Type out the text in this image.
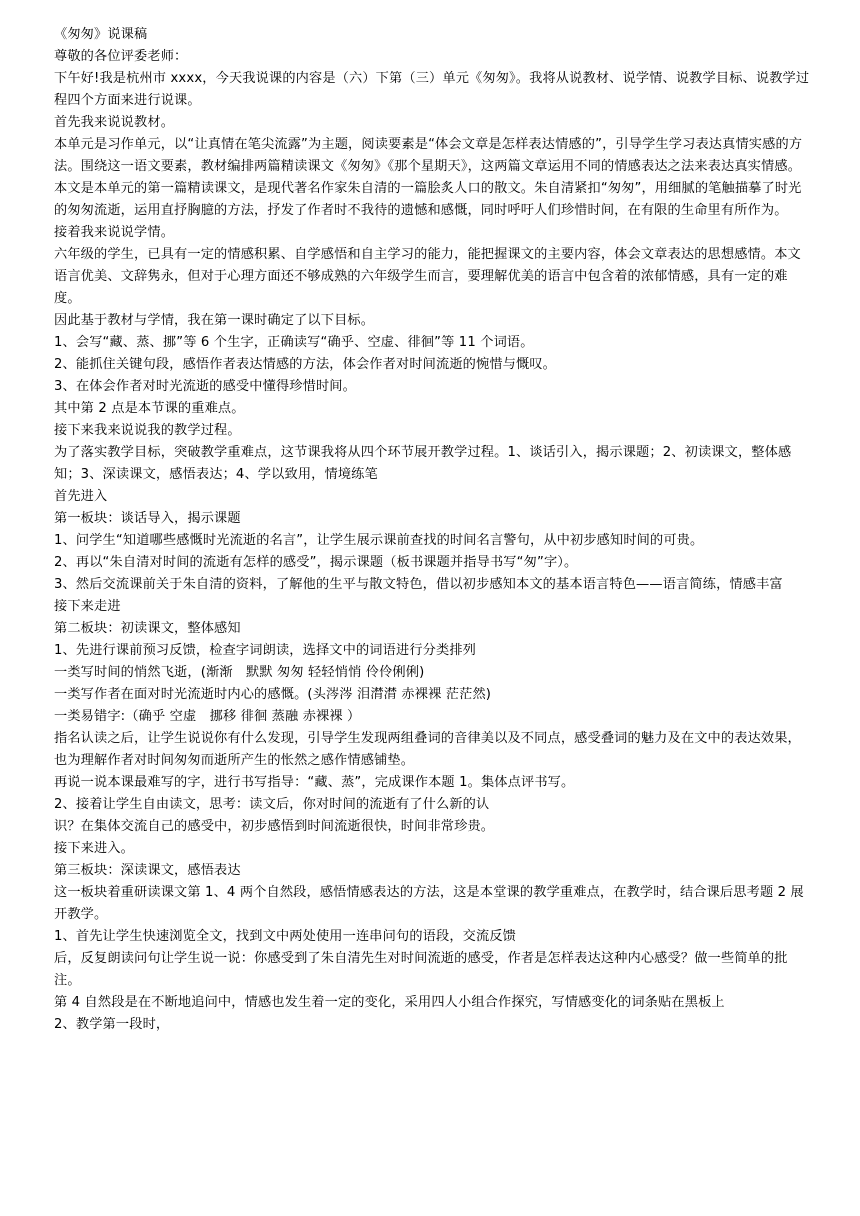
《匆匆》说课稿

尊敬的各位评委老师：

下午好!我是杭州市 xxxx，今天我说课的内容是（六）下第（三）单元《匆匆》。我将从说教材、说学情、说教学目标、说教学过程四个方面来进行说课。

首先我来说说教材。

本单元是习作单元，以“让真情在笔尖流露”为主题，阅读要素是“体会文章是怎样表达情感的”，引导学生学习表达真情实感的方法。围绕这一语文要素，教材编排两篇精读课文《匆匆》《那个星期天》，这两篇文章运用不同的情感表达之法来表达真实情感。

本文是本单元的第一篇精读课文，是现代著名作家朱自清的一篇脍炙人口的散文。朱自清紧扣“匆匆”，用细腻的笔触描摹了时光的匆匆流逝，运用直抒胸臆的方法，抒发了作者时不我待的遗憾和感慨，同时呼吁人们珍惜时间，在有限的生命里有所作为。

接着我来说说学情。

六年级的学生，已具有一定的情感积累、自学感悟和自主学习的能力，能把握课文的主要内容，体会文章表达的思想感情。本文语言优美、文辞隽永，但对于心理方面还不够成熟的六年级学生而言，要理解优美的语言中包含着的浓郁情感，具有一定的难度。

因此基于教材与学情，我在第一课时确定了以下目标。

1、会写“藏、蒸、挪”等 6 个生字，正确读写“确乎、空虚、徘徊”等 11 个词语。

2、能抓住关键句段，感悟作者表达情感的方法，体会作者对时间流逝的惋惜与慨叹。

3、在体会作者对时光流逝的感受中懂得珍惜时间。

其中第 2 点是本节课的重难点。

接下来我来说说我的教学过程。

为了落实教学目标，突破教学重难点，这节课我将从四个环节展开教学过程。1、谈话引入，揭示课题；2、初读课文，整体感知；3、深读课文，感悟表达；4、学以致用，情境练笔

首先进入

第一板块：谈话导入，揭示课题

1、问学生“知道哪些感慨时光流逝的名言”，让学生展示课前查找的时间名言警句，从中初步感知时间的可贵。

2、再以“朱自清对时间的流逝有怎样的感受”，揭示课题（板书课题并指导书写“匆”字）。

3、然后交流课前关于朱自清的资料，了解他的生平与散文特色，借以初步感知本文的基本语言特色——语言简练，情感丰富

接下来走进

第二板块：初读课文，整体感知

1、先进行课前预习反馈，检查字词朗读，选择文中的词语进行分类排列

一类写时间的悄然飞逝，(渐渐　默默 匆匆 轻轻悄悄 伶伶俐俐)

一类写作者在面对时光流逝时内心的感慨。(头涔涔 泪潸潸 赤裸裸 茫茫然)

一类易错字:（确乎 空虚　挪移 徘徊 蒸融 赤裸裸 ）

指名认读之后，让学生说说你有什么发现，引导学生发现两组叠词的音律美以及不同点，感受叠词的魅力及在文中的表达效果，也为理解作者对时间匆匆而逝所产生的怅然之感作情感铺垫。

再说一说本课最难写的字，进行书写指导：“藏、蒸”，完成课作本题 1。集体点评书写。

2、接着让学生自由读文，思考：读文后，你对时间的流逝有了什么新的认

识？在集体交流自己的感受中，初步感悟到时间流逝很快，时间非常珍贵。

接下来进入。

第三板块：深读课文，感悟表达

这一板块着重研读课文第 1、4 两个自然段，感悟情感表达的方法，这是本堂课的教学重难点，在教学时，结合课后思考题 2 展开教学。

1、首先让学生快速浏览全文，找到文中两处使用一连串问句的语段，交流反馈

后，反复朗读问句让学生说一说：你感受到了朱自清先生对时间流逝的感受，作者是怎样表达这种内心感受？做一些简单的批注。

第 4 自然段是在不断地追问中，情感也发生着一定的变化，采用四人小组合作探究，写情感变化的词条贴在黑板上

2、教学第一段时，
